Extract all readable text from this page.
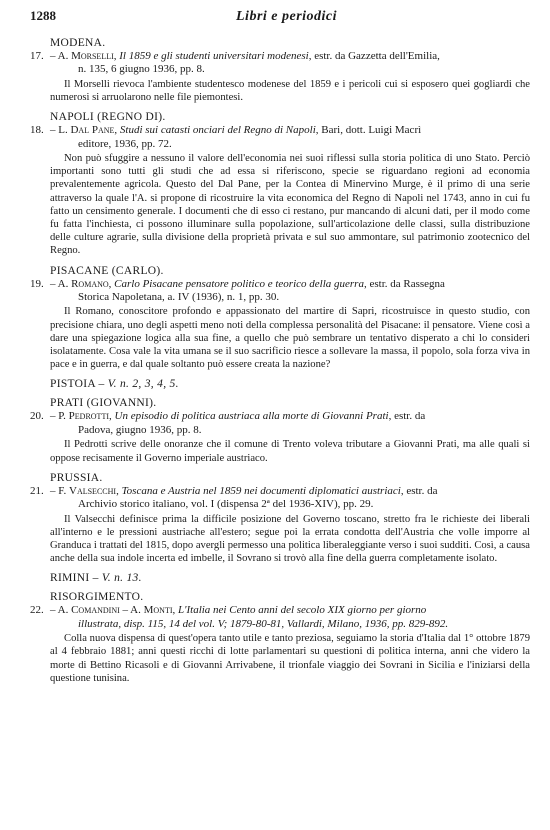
1288	Libri e periodici
MODENA.
17. – A. Morselli, Il 1859 e gli studenti universitari modenesi, estr. da Gazzetta dell'Emilia,
n. 135, 6 giugno 1936, pp. 8.

Il Morselli rievoca l'ambiente studentesco modenese del 1859 e i pericoli cui si esposero quei gogliardi che numerosi si arruolarono nelle file piemontesi.

NAPOLI (REGNO DI).
18. – L. Dal Pane, Studi sui catasti onciari del Regno di Napoli, Bari, dott. Luigi Macrì
editore, 1936, pp. 72.

Non può sfuggire a nessuno il valore dell'economia nei suoi riflessi sulla storia politica di uno Stato. Perciò importanti sono tutti gli studi che ad essa si riferiscono, specie se riguardano regioni ad economia prevalentemente agricola. Questo del Dal Pane, per la Contea di Minervino Murge, è il primo di una serie attraverso la quale l'A. si propone di ricostruire la vita economica del Regno di Napoli nel 1743, anno in cui fu fatto un censimento generale. I documenti che di esso ci restano, pur mancando di alcuni dati, per il modo come fu fatta l'inchiesta, ci possono illuminare sulla popolazione, sull'articolazione delle classi, sulla distribuzione delle culture agrarie, sulla divisione della proprietà privata e sul suo ammontare, sul patrimonio zootecnico del Regno.

PISACANE (CARLO).
19. – A. Romano, Carlo Pisacane pensatore politico e teorico della guerra, estr. da Rassegna
Storica Napoletana, a. IV (1936), n. 1, pp. 30.

Il Romano, conoscitore profondo e appassionato del martire di Sapri, ricostruisce in questo studio, con precisione chiara, uno degli aspetti meno noti della complessa personalità del Pisacane: il pensatore. Viene così a dare una spiegazione logica alla sua fine, a quello che può sembrare un tentativo disperato a chi lo consideri isolatamente. Cosa vale la vita umana se il suo sacrificio riesce a sollevare la massa, il popolo, sola forza viva in pace e in guerra, e dal quale soltanto può essere creata la nazione?

PISTOIA – V. n. 2, 3, 4, 5.
PRATI (GIOVANNI).
20. – P. Pedrotti, Un episodio di politica austriaca alla morte di Giovanni Prati, estr. da
Padova, giugno 1936, pp. 8.

Il Pedrotti scrive delle onoranze che il comune di Trento voleva tributare a Giovanni Prati, ma alle quali si oppose recisamente il Governo imperiale austriaco.

PRUSSIA.
21. – F. Valsecchi, Toscana e Austria nel 1859 nei documenti diplomatici austriaci, estr. da
Archivio storico italiano, vol. I (dispensa 2ª del 1936-XIV), pp. 29.

Il Valsecchi definisce prima la difficile posizione del Governo toscano, stretto fra le richieste dei liberali all'interno e le pressioni austriache all'estero; segue poi la errata condotta dell'Austria che volle imporre al Granduca i trattati del 1815, dopo avergli permesso una politica liberaleggiante verso i suoi sudditi. Così, a causa anche della sua indole incerta ed imbelle, il Sovrano si trovò alla fine della guerra completamente isolato.

RIMINI – V. n. 13.
RISORGIMENTO.
22. – A. Comandini – A. Monti, L'Italia nei Cento anni del secolo XIX giorno per giorno
illustrata, disp. 115, 14 del vol. V; 1879-80-81, Vallardi, Milano, 1936, pp. 829-892.

Colla nuova dispensa di quest'opera tanto utile e tanto preziosa, seguiamo la storia d'Italia dal 1° ottobre 1879 al 4 febbraio 1881; anni questi ricchi di lotte parlamentari su questioni di politica interna, anni che videro la morte di Bettino Ricasoli e di Giovanni Arrivabene, il trionfale viaggio dei Sovrani in Sicilia e l'iniziarsi della questione tunisina.
